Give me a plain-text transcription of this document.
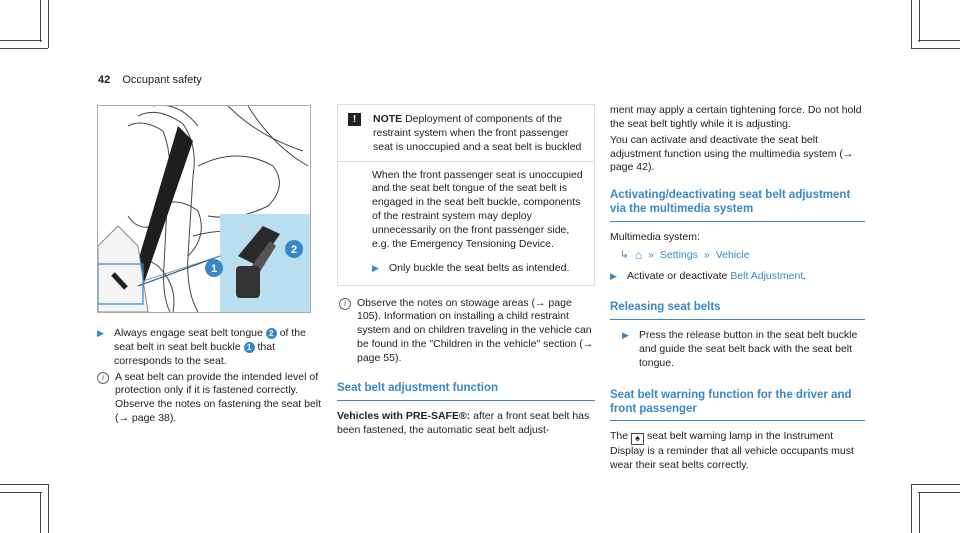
42 Occupant safety
1
2
▶ Always engage seat belt tongue 2 of the seat belt in seat belt buckle 1 that corresponds to the seat.
i	A seat belt can provide the intended level of protection only if it is fastened correctly. Observe the notes on fastening the seat belt (→ page 38).
!	NOTE Deployment of components of the restraint system when the front passenger seat is unoccupied and a seat belt is buckled
When the front passenger seat is unoccupied and the seat belt tongue of the seat belt is engaged in the seat belt buckle, components of the restraint system may deploy unnecessarily on the front passenger side, e.g. the Emergency Tensioning Device.
▶ Only buckle the seat belts as intended.
i	Observe the notes on stowage areas (→ page 105). Information on installing a child restraint system and on children traveling in the vehicle can be found in the "Children in the vehicle" section (→ page 55).
Seat belt adjustment function
Vehicles with PRE-SAFE®: after a front seat belt has been fastened, the automatic seat belt adjust-
ment may apply a certain tightening force. Do not hold the seat belt tightly while it is adjusting.
You can activate and deactivate the seat belt adjustment function using the multimedia system (→ page 42).
Activating/deactivating seat belt adjustment via the multimedia system
Multimedia system:
↳ ⌂ » Settings » Vehicle
▶ Activate or deactivate Belt Adjustment.
Releasing seat belts
▶ Press the release button in the seat belt buckle and guide the seat belt back with the seat belt tongue.
Seat belt warning function for the driver and front passenger
The ♠ seat belt warning lamp in the Instrument Display is a reminder that all vehicle occupants must wear their seat belts correctly.
